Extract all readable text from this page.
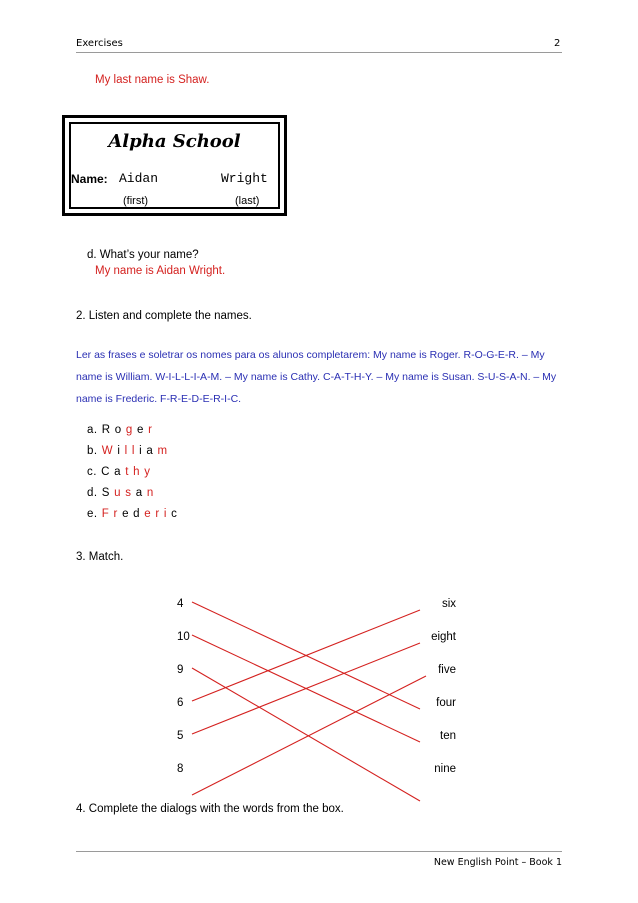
Exercises	2
My last name is Shaw.
Alpha School
Name: Aidan	Wright
(first)	(last)
d. What’s your name?
My name is Aidan Wright.
2. Listen and complete the names.
Ler as frases e soletrar os nomes para os alunos completarem: My name is Roger. R-O-G-E-R. – My name is William. W-I-L-L-I-A-M. – My name is Cathy. C-A-T-H-Y. – My name is Susan. S-U-S-A-N. – My name is Frederic. F-R-E-D-E-R-I-C.
a. R o g e r
b. W i l l i a m
c. C a t h y
d. S u s a n
e. F r e d e r i c
3. Match.
4
10
9
6
5
8
six
eight
five
four
ten
nine
4. Complete the dialogs with the words from the box.
New English Point – Book 1
